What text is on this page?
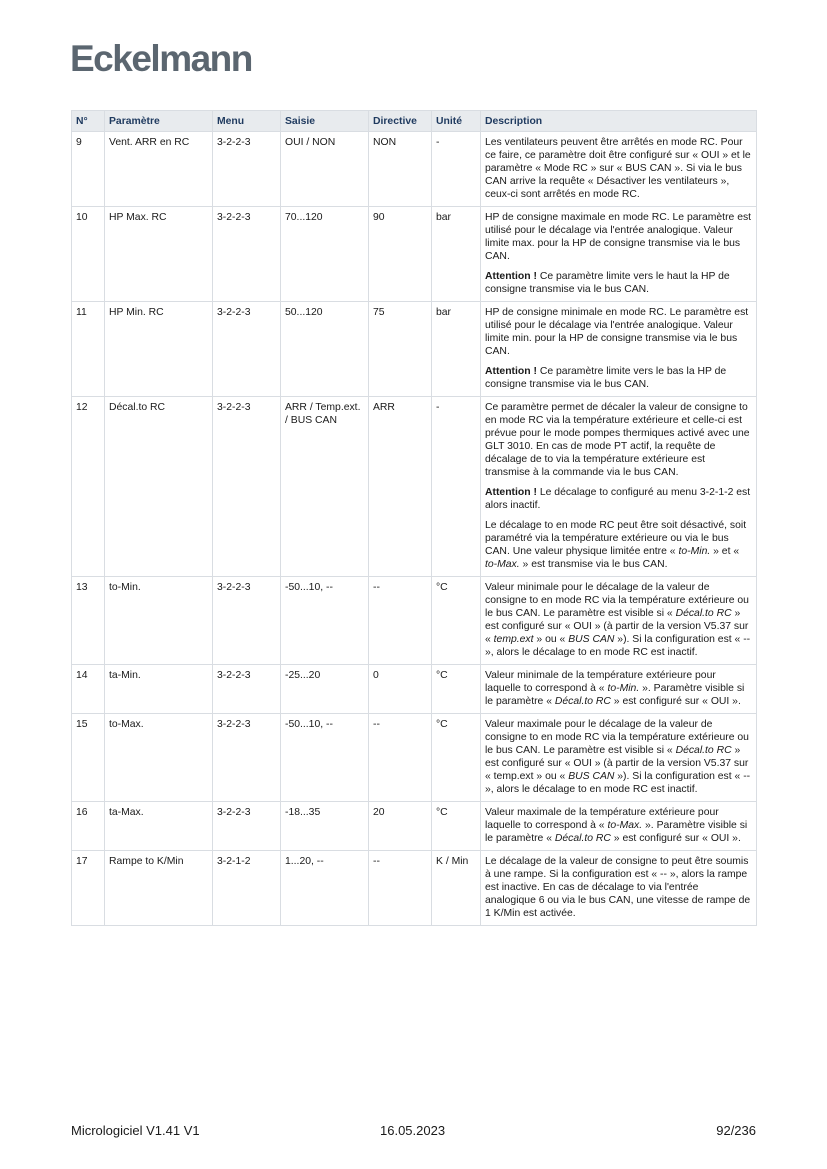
Eckelmann
N°	Paramètre	Menu	Saisie	Directive	Unité	Description
9	Vent. ARR en RC	3-2-2-3	OUI / NON	NON	-	Les ventilateurs peuvent être arrêtés en mode RC. Pour ce faire, ce paramètre doit être configuré sur « OUI » et le paramètre « Mode RC » sur « BUS CAN ». Si via le bus CAN arrive la requête « Désactiver les ventilateurs », ceux-ci sont arrêtés en mode RC.

10	HP Max. RC	3-2-2-3	70...120	90	bar	HP de consigne maximale en mode RC. Le paramètre est utilisé pour le décalage via l'entrée analogique. Valeur limite max. pour la HP de consigne transmise via le bus CAN.

Attention ! Ce paramètre limite vers le haut la HP de consigne transmise via le bus CAN.

11	HP Min. RC	3-2-2-3	50...120	75	bar	HP de consigne minimale en mode RC. Le paramètre est utilisé pour le décalage via l'entrée analogique. Valeur limite min. pour la HP de consigne transmise via le bus CAN.

Attention ! Ce paramètre limite vers le bas la HP de consigne transmise via le bus CAN.

12	Décal.to RC	3-2-2-3	ARR / Temp.ext. / BUS CAN	ARR	-	Ce paramètre permet de décaler la valeur de consigne to en mode RC via la température extérieure et celle-ci est prévue pour le mode pompes thermiques activé avec une GLT 3010. En cas de mode PT actif, la requête de décalage de to via la température extérieure est transmise à la commande via le bus CAN.

Attention ! Le décalage to configuré au menu 3-2-1-2 est alors inactif.

Le décalage to en mode RC peut être soit désactivé, soit paramétré via la température extérieure ou via le bus CAN. Une valeur physique limitée entre « to-Min. » et « to-Max. » est transmise via le bus CAN.

13	to-Min.	3-2-2-3	-50...10, --	--	°C	Valeur minimale pour le décalage de la valeur de consigne to en mode RC via la température extérieure ou le bus CAN. Le paramètre est visible si « Décal.to RC » est configuré sur « OUI » (à partir de la version V5.37 sur « temp.ext » ou « BUS CAN »). Si la configuration est « -- », alors le décalage to en mode RC est inactif.

14	ta-Min.	3-2-2-3	-25...20	0	°C	Valeur minimale de la température extérieure pour laquelle to correspond à « to-Min. ». Paramètre visible si le paramètre « Décal.to RC » est configuré sur « OUI ».

15	to-Max.	3-2-2-3	-50...10, --	--	°C	Valeur maximale pour le décalage de la valeur de consigne to en mode RC via la température extérieure ou le bus CAN. Le paramètre est visible si « Décal.to RC » est configuré sur « OUI » (à partir de la version V5.37 sur « temp.ext » ou « BUS CAN »). Si la configuration est « -- », alors le décalage to en mode RC est inactif.

16	ta-Max.	3-2-2-3	-18...35	20	°C	Valeur maximale de la température extérieure pour laquelle to correspond à « to-Max. ». Paramètre visible si le paramètre « Décal.to RC » est configuré sur « OUI ».

17	Rampe to K/Min	3-2-1-2	1...20, --	--	K / Min	Le décalage de la valeur de consigne to peut être soumis à une rampe. Si la configuration est « -- », alors la rampe est inactive. En cas de décalage to via l'entrée analogique 6 ou via le bus CAN, une vitesse de rampe de 1 K/Min est activée.

Micrologiciel V1.41 V1	16.05.2023	92/236
